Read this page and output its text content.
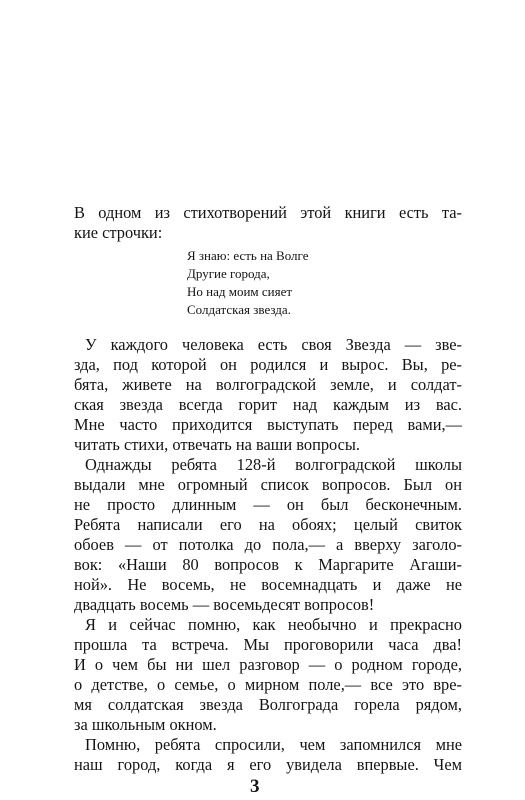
В одном из стихотворений этой книги есть та-
кие строчки:
Я знаю: есть на Волге
Другие города,
Но над моим сияет
Солдатская звезда.
У каждого человека есть своя Звезда — зве-
зда, под которой он родился и вырос. Вы, ре-
бята, живете на волгоградской земле, и солдат-
ская звезда всегда горит над каждым из вас.
Мне часто приходится выступать перед вами,—
читать стихи, отвечать на ваши вопросы.
Однажды ребята 128-й волгоградской школы
выдали мне огромный список вопросов. Был он
не просто длинным — он был бесконечным.
Ребята написали его на обоях; целый свиток
обоев — от потолка до пола,— а вверху заголо-
вок: «Наши 80 вопросов к Маргарите Агаши-
ной». Не восемь, не восемнадцать и даже не
двадцать восемь — восемьдесят вопросов!
Я и сейчас помню, как необычно и прекрасно
прошла та встреча. Мы проговорили часа два!
И о чем бы ни шел разговор — о родном городе,
о детстве, о семье, о мирном поле,— все это вре-
мя солдатская звезда Волгограда горела рядом,
за школьным окном.
Помню, ребята спросили, чем запомнился мне
3
наш город, когда я его увидела впервые. Чем
